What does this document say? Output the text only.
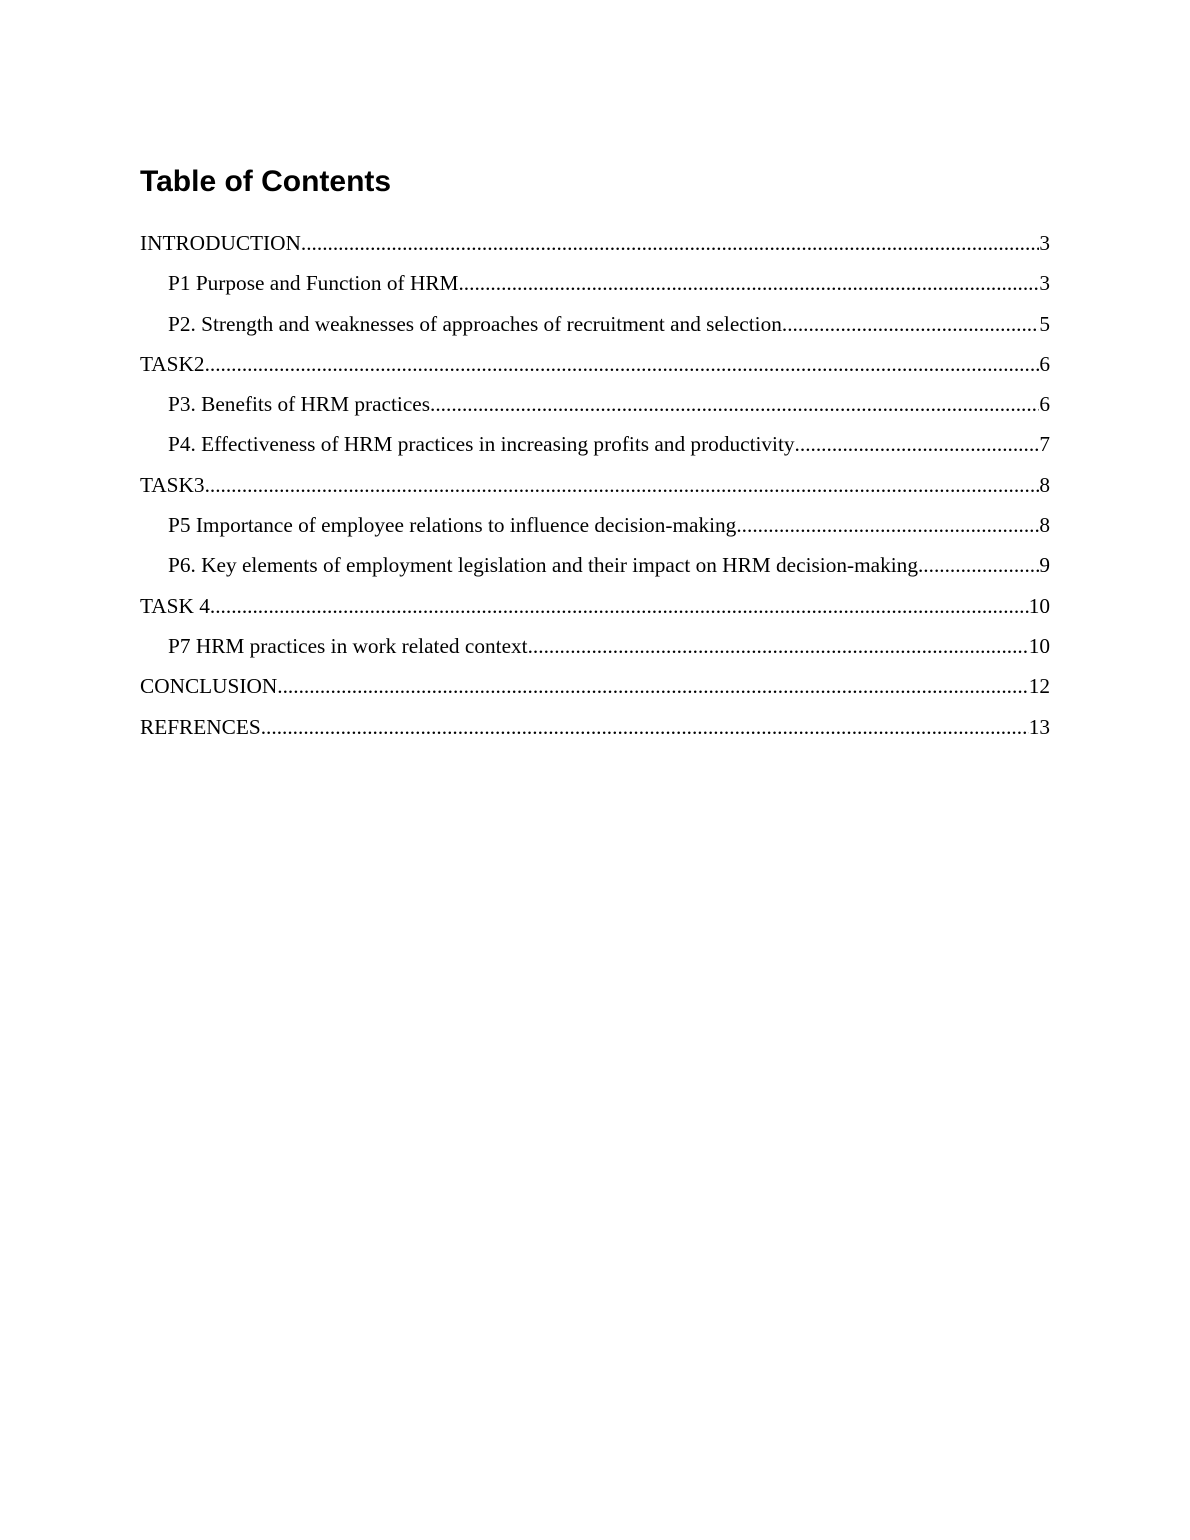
Table of Contents
INTRODUCTION .....	3
P1 Purpose and Function of HRM .....	3
P2. Strength and weaknesses of approaches of recruitment and selection .....	5
TASK2 .....	6
P3. Benefits of HRM practices .....	6
P4. Effectiveness of HRM practices in increasing profits and productivity .....	7
TASK3 .....	8
P5 Importance of employee relations to influence decision-making .....	8
P6. Key elements of employment legislation and their impact on HRM decision-making .....	9
TASK 4 .....	10
P7 HRM practices in work related context .....	10
CONCLUSION .....	12
REFRENCES .....	13
